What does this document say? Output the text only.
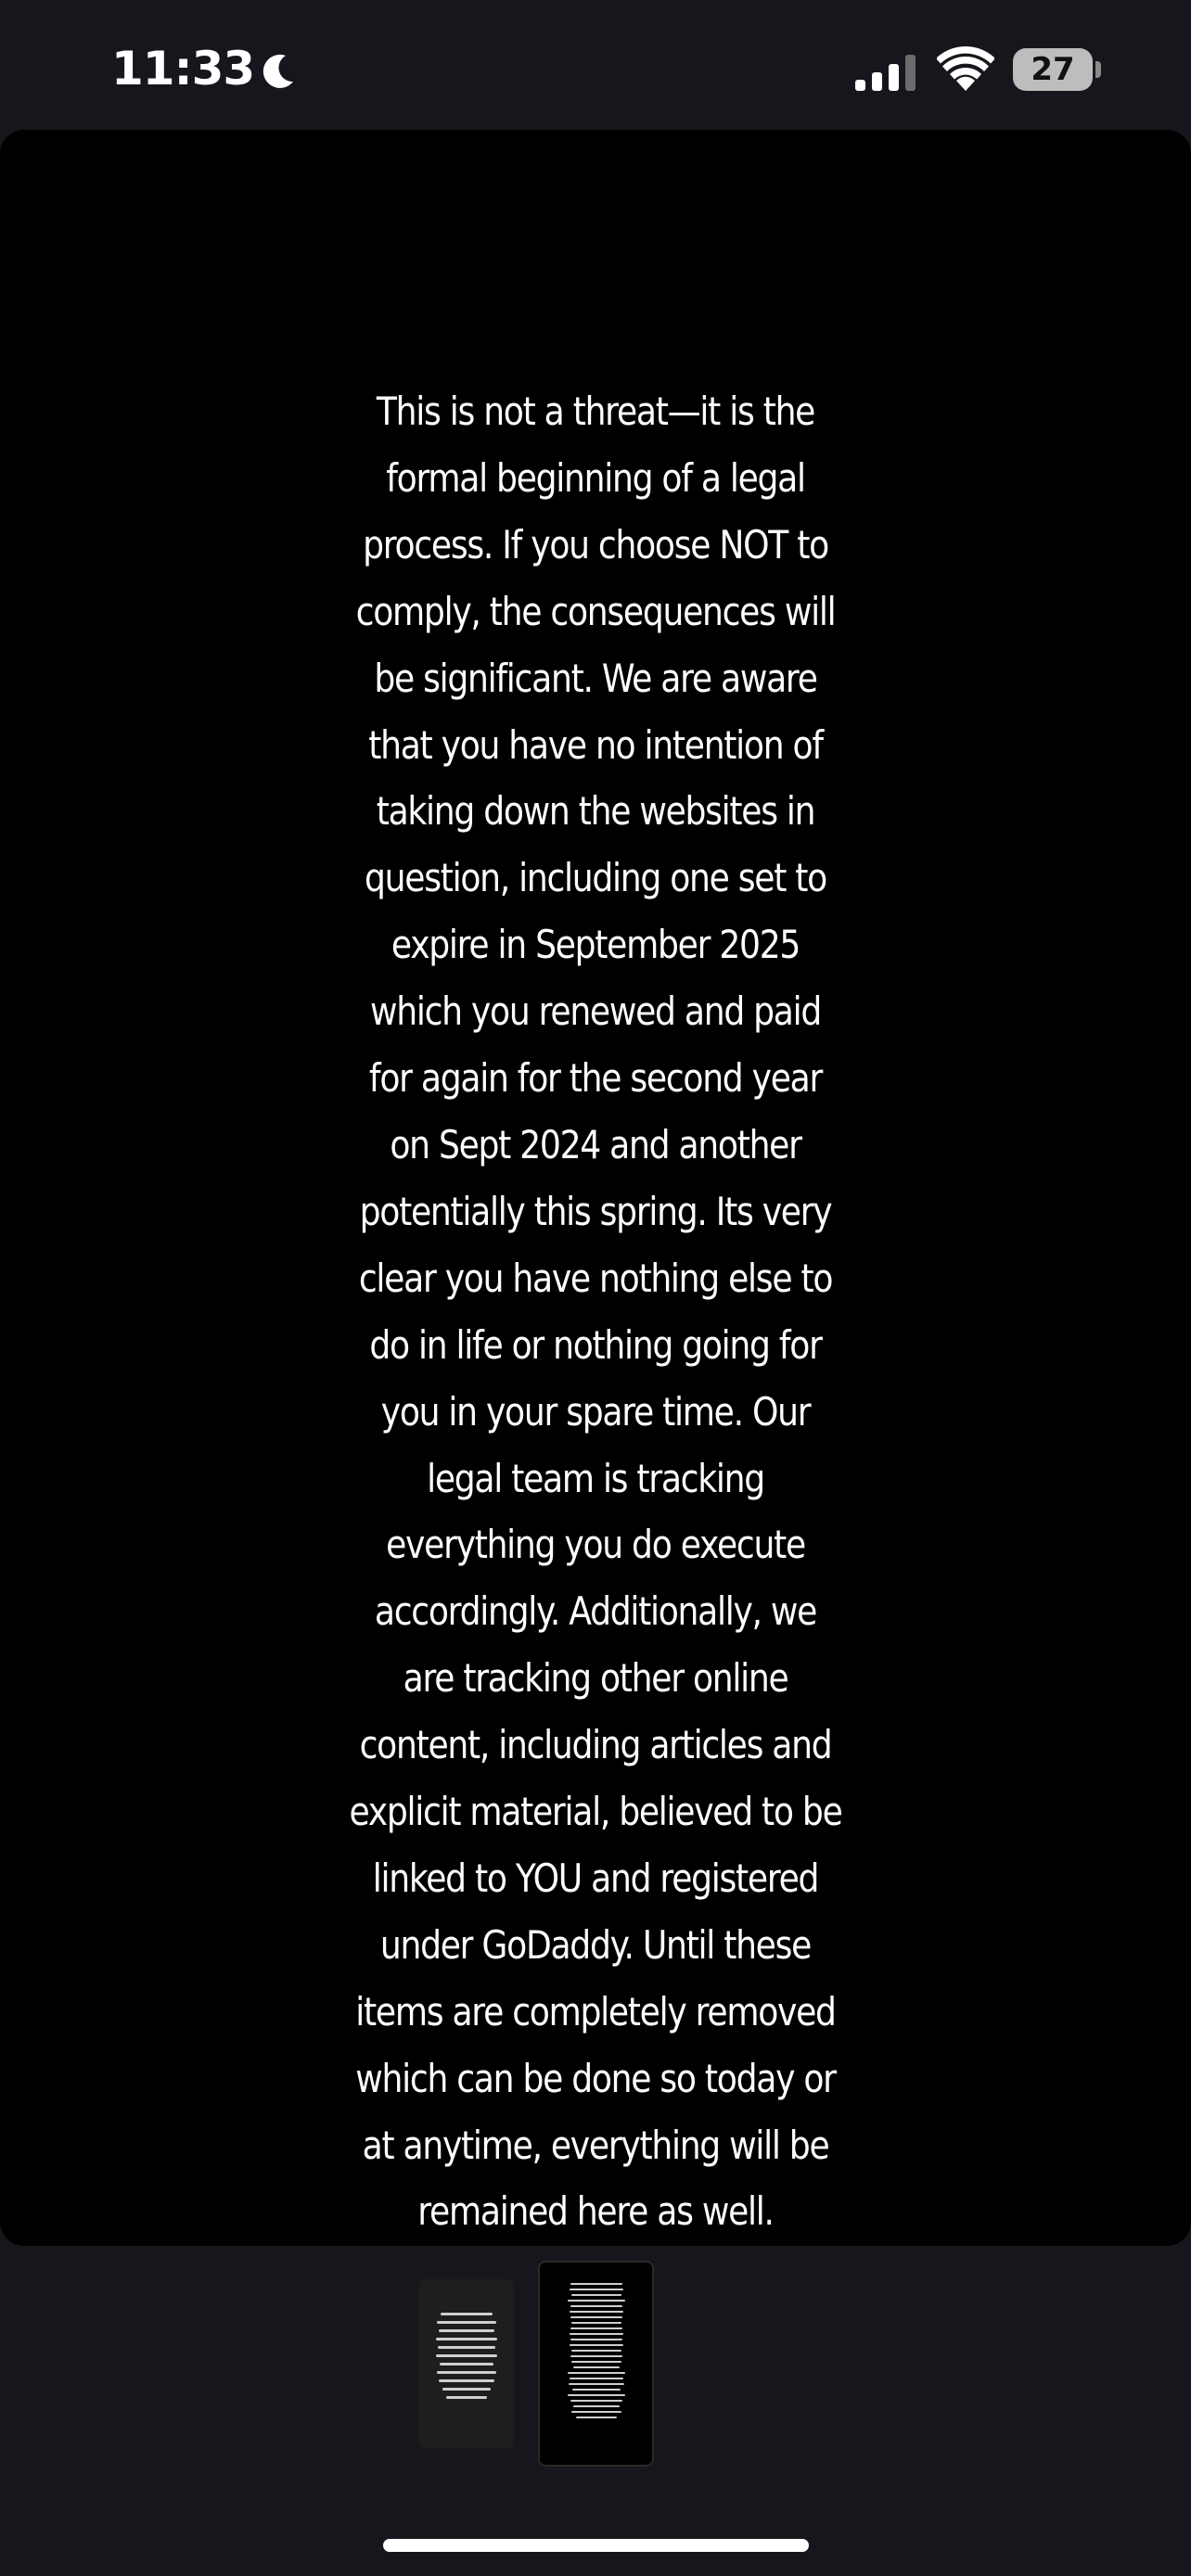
11:33	27

This is not a threat—it is the formal beginning of a legal process. If you choose NOT to comply, the consequences will be significant. We are aware that you have no intention of taking down the websites in question, including one set to expire in September 2025 which you renewed and paid for again for the second year on Sept 2024 and another potentially this spring. Its very clear you have nothing else to do in life or nothing going for you in your spare time. Our legal team is tracking everything you do execute accordingly. Additionally, we are tracking other online content, including articles and explicit material, believed to be linked to YOU and registered under GoDaddy. Until these items are completely removed which can be done so today or at anytime, everything will be remained here as well.
